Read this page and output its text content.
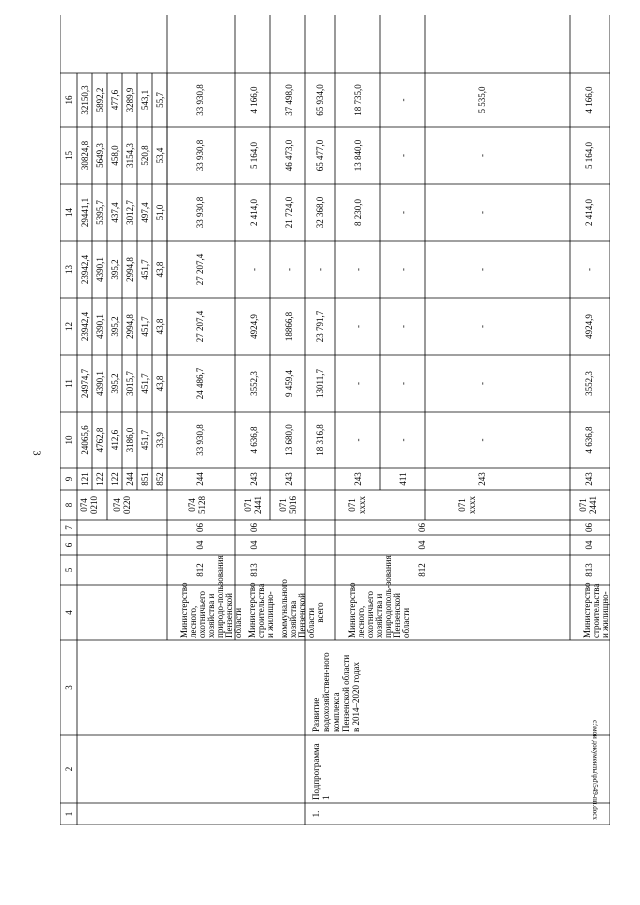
3
c:\мои документы\pd\549-пп.docx
1
2
3
4
5
6
7
8
9
10
11
12
13
14
15
16
121
24065,6
24974,7
23942,4
23942,4
29441,1
30824,8
32150,3
122
4762,8
4390,1
4390,1
4390,1
5395,7
5649,3
5892,2
122
412,6
395,2
395,2
395,2
437,4
458,0
477,6
244
3186,0
3015,7
2994,8
2994,8
3012,7
3154,3
3289,9
851
451,7
451,7
451,7
451,7
497,4
520,8
543,1
852
33,9
43,8
43,8
43,8
51,0
53,4
55,7
074 0210 074 0220
Министерство лесного, охотничьего хозяйства и природо-пользования Пензенской области
812
04
06
074 5128
244
33 930,8
24 486,7
27 207,4
27 207,4
33 930,8
33 930,8
33 930,8
Министерство строительства и жилищно-
813
04
06
071 2441
243
4 636,8
3552,3
4924,9
-
2 414,0
5 164,0
4 166,0
коммунального хозяйства Пензенской области
071 5016
243
13 680,0
9 459,4
18866,8
-
21 724,0
46 473,0
37 498,0
1.
Подпрограмма 1
Развитие водохозяйствен-ного комплекса Пензенской области в 2014–2020 годах
всего
18 316,8
13011,7
23 791,7
-
32 368,0
65 477,0
65 934,0
Министерство лесного, охотничьего хозяйства и природополь-зования Пензенской области
812
04
06
071 xxxx	071 xxxx
243
-
-
-
-
8 230,0
13 840,0
18 735,0
411
-
-
-
-
-
-
-
243
-
-
-
-
-
-
5 535,0
Министерство строительства и жилищно-
813
04
06
071 2441
243
4 636,8
3552,3
4924,9
-
2 414,0
5 164,0
4 166,0
